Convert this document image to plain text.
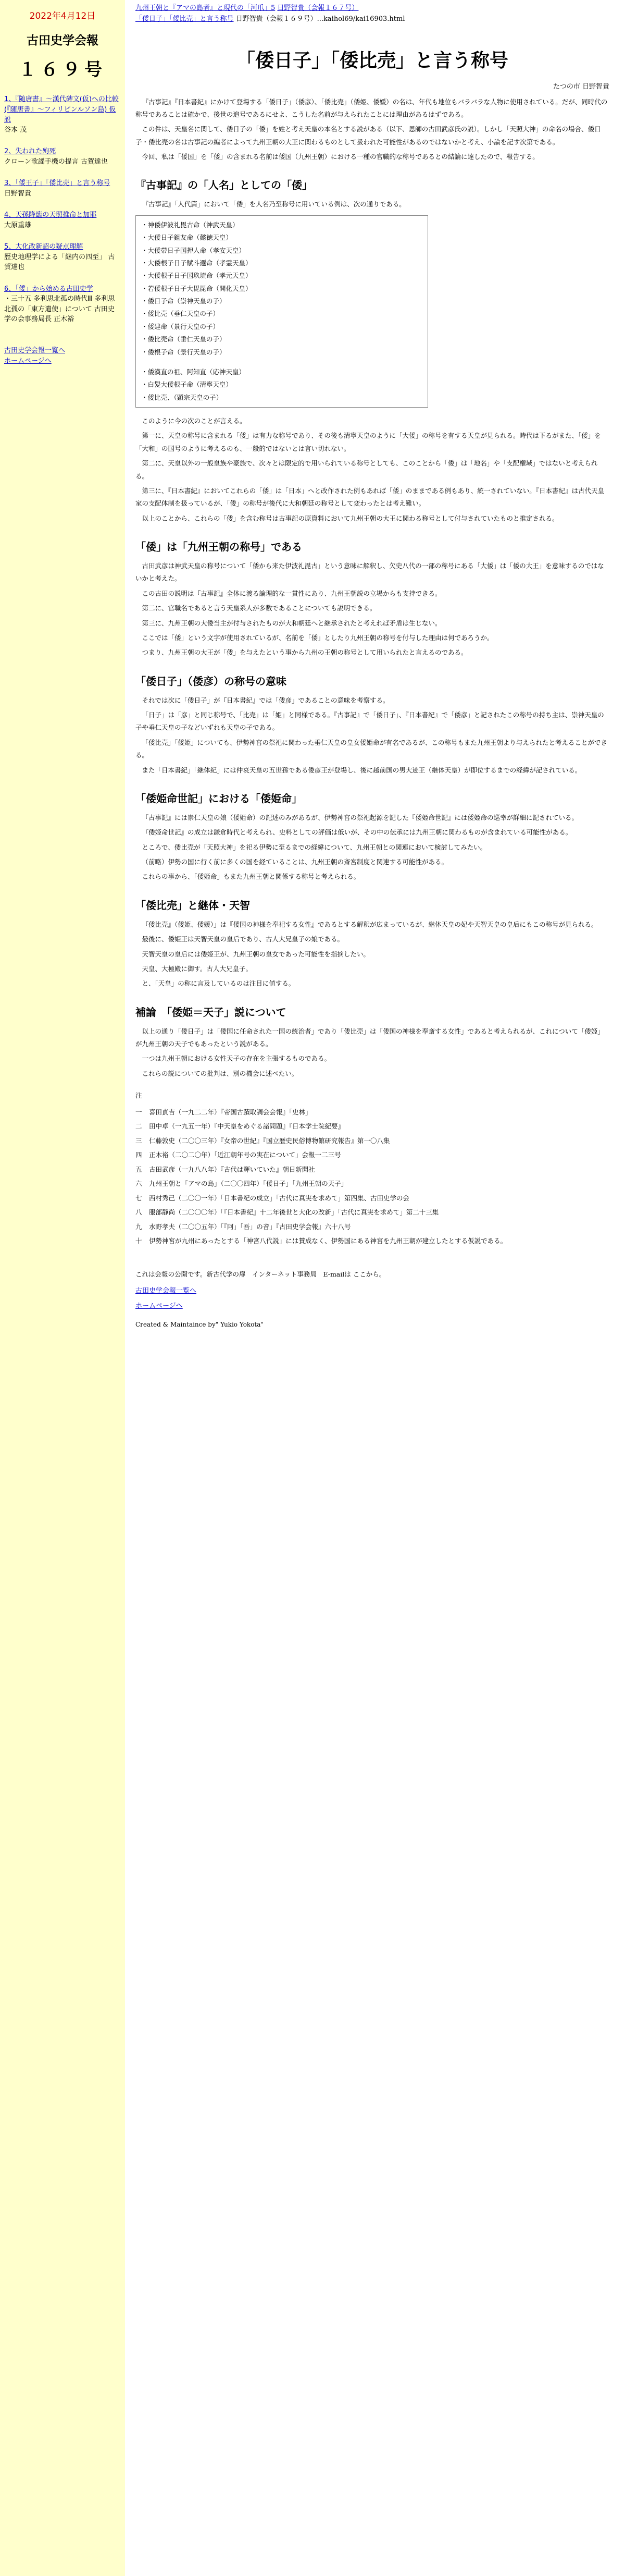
2022年4月12日
古田史学会報
１６９号
1、『随唐書』～漢代碑文(仮)への比較(『随唐書』～フィリピンルソン島) 仮説
谷本 茂
2、失われた殉死
クローン歌謡手機の提言 古賀達也
3、「倭王子」「倭比売」と言う称号
日野智貴
4、天孫降臨の天照推命と加耶
大原重雄
5、大化改新詔の疑点理解
歴史地理学による「継内の四至」 古賀達也
6、「倭」から始める古田史学
・三十五 多利思北孤の時代Ⅲ 多利思北孤の「東方遣使」について 古田史学の会事務局長 正木裕
古田史学会報一覧へ
ホームページへ
九州王朝と『アマの島者』と現代の「河爪」5 日野智貴（会報１６７号）
「倭日子」「倭比売」と言う称号 日野智貴（会報１６９号）...kaihol69/kai16903.html
「倭日子」「倭比売」と言う称号
たつの市 日野智貴
『古事記』『日本書紀』にかけて登場する「倭日子」（倭彦）、「倭比売」（倭姫、倭媛）の名は、年代も地位もバラバラな人物に使用されている。だが、同時代の称号であることは確かで、後世の追号であるにせよ、こうした名前が与えられたことには理由があるはずである。
この件は、天皇名に関して、倭日子の「倭」を姓と考え天皇の本名とする説がある（以下、恩師の古田武彦氏の説）。しかし「天照大神」の命名の場合、倭日子・倭比売の名は古事記の編者によって九州王朝の大王に関わるものとして扱われた可能性があるのではないかと考え、小論を記す次第である。
今回、私は「倭国」を「倭」の含まれる名前は倭国（九州王朝）における一種の官職的な称号であるとの結論に達したので、報告する。
『古事記』の「人名」としての「倭」
『古事記』「人代篇」において「倭」を人名乃至称号に用いている例は、次の通りである。
・神倭伊波礼毘古命（神武天皇）
・大倭日子鉏友命（懿徳天皇）
・大倭帯日子国押人命（孝安天皇）
・大倭根子日子賦斗邇命（孝霊天皇）
・大倭根子日子国玖琉命（孝元天皇）
・若倭根子日子大毘毘命（開化天皇）
・倭日子命（崇神天皇の子）
・倭比売（垂仁天皇の子）
・倭建命（景行天皇の子）
・倭比売命（垂仁天皇の子）
・倭根子命（景行天皇の子）
・倭漢直の祖、阿知直（応神天皇）
・白髪大倭根子命（清寧天皇）
・倭比売、（顕宗天皇の子）
このように今の次のことが言える。
第一に、天皇の称号に含まれる「倭」は有力な称号であり、その後も清寧天皇のように「大倭」の称号を有する天皇が見られる。時代は下るがまた、「倭」を「大和」の国号のように考えるのも、一般的ではないとは言い切れない。
第二に、天皇以外の一般皇族や豪族で、次々とは限定的で用いられている称号としても、このことから「倭」は「地名」や「支配権域」ではないと考えられる。
第三に、『日本書紀』においてこれらの「倭」は「日本」へと改作された例もあれば「倭」のままである例もあり、統一されていない。『日本書紀』は古代天皇家の支配体制を扱っているが、「倭」の称号が後代に大和朝廷の称号として変わったとは考え難い。
以上のことから、これらの「倭」を含む称号は古事記の原資料において九州王朝の大王に関わる称号として付与されていたものと推定される。
「倭」は「九州王朝の称号」である
古田武彦は神武天皇の称号について「倭から来た伊波礼毘古」という意味に解釈し、欠史八代の一部の称号にある「大倭」は「倭の大王」を意味するのではないかと考えた。
この古田の説明は『古事記』全体に渡る論理的な一貫性にあり、九州王朝説の立場からも支持できる。
第二に、官職名であると言う天皇系人が多数であることについても説明できる。
第三に、九州王朝の大倭当主が付与されたものが大和朝廷へと継承されたと考えれば矛盾は生じない。
ここでは「倭」という文字が使用されているが、名前を「倭」としたり九州王朝の称号を付与した理由は何であろうか。
つまり、九州王朝の大王が「倭」を与えたという事から九州の王朝の称号として用いられたと言えるのである。
「倭日子」（倭彦）の称号の意味
それでは次に「倭日子」が『日本書紀』では「倭彦」であることの意味を考察する。
「日子」は「彦」と同じ称号で、「比売」は「姫」と同様である。『古事記』で「倭日子」、『日本書紀』で「倭彦」と記されたこの称号の持ち主は、崇神天皇の子や垂仁天皇の子などいずれも天皇の子である。
「倭比売」「倭姫」についても、伊勢神宮の祭祀に関わった垂仁天皇の皇女倭姫命が有名であるが、この称号もまた九州王朝より与えられたと考えることができる。
また「日本書紀」「継体紀」には仲哀天皇の五世孫である倭彦王が登場し、後に越前国の男大迹王（継体天皇）が即位するまでの経緯が記されている。
「倭姫命世記」における「倭姫命」
『古事記』には崇仁天皇の娘（倭姫命）の記述のみがあるが、伊勢神宮の祭祀起源を記した『倭姫命世記』には倭姫命の巡幸が詳細に記されている。
『倭姫命世記』の成立は鎌倉時代と考えられ、史料としての評価は低いが、その中の伝承には九州王朝に関わるものが含まれている可能性がある。
ところで、倭比売が「天照大神」を祀る伊勢に至るまでの経緯について、九州王朝との関連において検討してみたい。
（前略）伊勢の国に行く前に多くの国を経ていることは、九州王朝の斎宮制度と関連する可能性がある。
これらの事から、「倭姫命」もまた九州王朝と関係する称号と考えられる。
「倭比売」と継体・天智
『倭比売』（倭姫、倭媛）」は『倭国の神様を奉祀する女性』であるとする解釈が広まっているが、継体天皇の妃や天智天皇の皇后にもこの称号が見られる。
最後に、倭姫王は天智天皇の皇后であり、古人大兄皇子の娘である。
天智天皇の皇后には倭姫王が、九州王朝の皇女であった可能性を指摘したい。
天皇、大極殿に御す。古人大兄皇子。
と、「天皇」の称に言及しているのは注目に値する。
補論　「倭姫＝天子」説について
以上の通り「倭日子」は「倭国に任命された一国の統治者」であり「倭比売」は「倭国の神様を奉斎する女性」であると考えられるが、これについて「倭姫」が九州王朝の天子でもあったという説がある。
一つは九州王朝における女性天子の存在を主張するものである。
これらの説についての批判は、別の機会に述べたい。
注
一	喜田貞吉（一九二二年）『帝国古蹟取調会会報』「史林」
二	田中卓（一九五一年）『中天皇をめぐる諸問題』『日本学士院紀要』
三	仁藤敦史（二〇〇三年）『女帝の世紀』『国立歴史民俗博物館研究報告』第一〇八集
四	正木裕（二〇二〇年）「近江朝年号の実在について」会報一二三号
五	古田武彦（一九八八年）『古代は輝いていた』朝日新聞社
六	九州王朝と「アマの島」（二〇〇四年）「倭日子」「九州王朝の天子」
七	西村秀己（二〇〇一年）「日本書紀の成立」「古代に真実を求めて」第四集、古田史学の会
八	服部静尚（二〇〇〇年）「『日本書紀』十二年後世と大化の改新」「古代に真実を求めて」第二十三集
九	水野孝夫（二〇〇五年）「『阿」「吾」の音」『古田史学会報』六十八号
十	伊勢神宮が九州にあったとする「神宮八代説」には賛成なく、伊勢国にある神宮を九州王朝が建立したとする仮説である。
これは会報の公開です。新古代学の扉　インターネット事務局　E-mailは ここから。
古田史学会報一覧へ
ホームページへ
Created & Maintaince by" Yukio Yokota"
